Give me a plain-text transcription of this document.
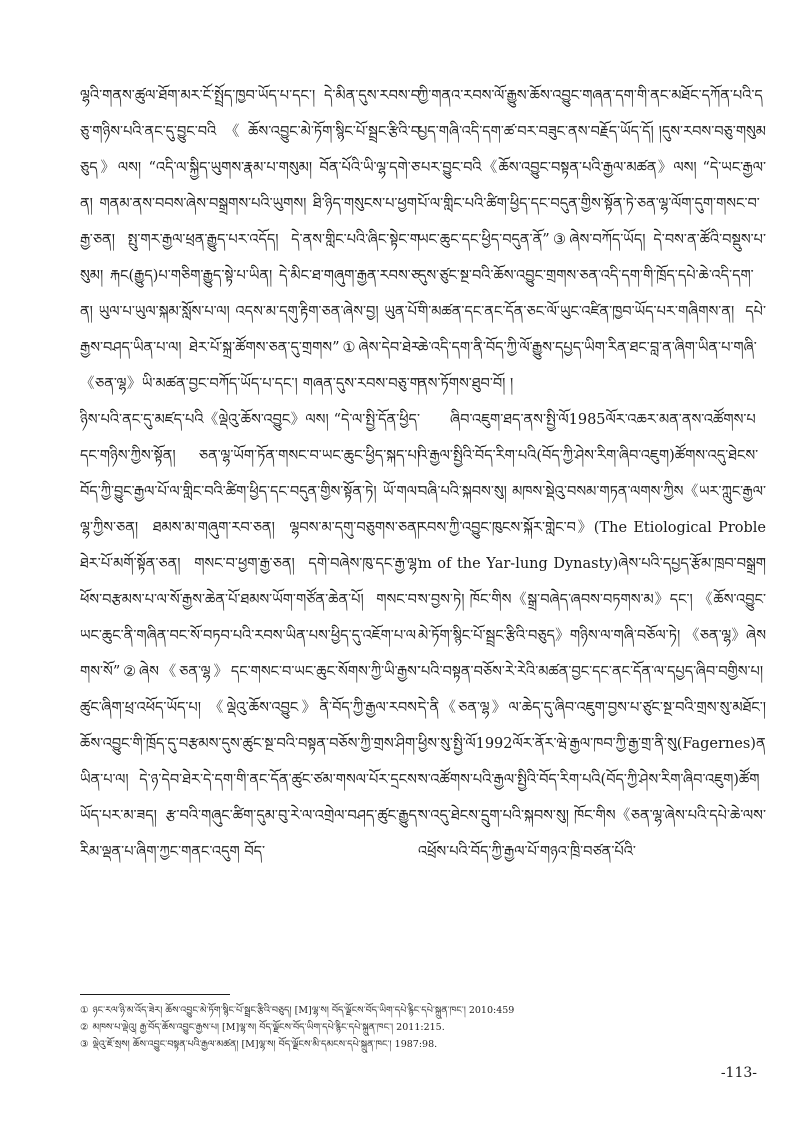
ལྷའི་གནས་ཚུལ་ཐོག་མར་ངོ་སྤྲོད་ཁྱབ་ཡོད་པ་དང་། དེ་མིན་དུས་རབས་བཅུ་གཉིས་པའི་ནང་དུ་བྱུང་བའི《ཆོས་འབྱུང་མེ་ཏོག་སྙིང་པོ་སྦྲང་རྩིའི་བཅུད》ལས། “འདི་ལ་སྐྱིད་ཡུགས་རྣམ་པ་གསུམ། བོན་པོའི་ཡི་ལྷ་དགེ་ཅན། གནམ་ནས་བབས་ཞེས་བསྒྲགས་པའི་ཡུགས། ཐི་ཉིད་གསུངས་པ་ཕྱག་རྒྱ་ཅན། སྤུ་གར་རྒྱལ་ཕྲན་རྒྱུད་པར་འདོད། དེ་ནས་གླིང་པའི་ཞིང་སྟེང་གསུམ། རྐང(རྒྱུད)པ་གཅིག་རྒྱུད་སྟེ་པ་ཡིན། དེ་མིང་ཐ་གཞུག་རྒྱན་རབས་ཅན། ཡུལ་པ་ཡུལ་སྐམ་སློས་པ་ལ། འདས་མ་དགུ་རྟིག་ཅན་ཞེས་བྱ། ཡུན་པོ་རྒྱས་བཤད་ཡིན་པ་ལ། ཐེར་པོ་སྐྲ་ཚོགས་ཅན་དུ་གྲགས”①ཞེས་དེབ་ཐེར《ཅན་ལྷ》ཡི་མཚན་བྱང་བཀོད་ཡོད་པ་དང་། གཞན་དུས་རབས་བཅུ་གཉིས་པའི་ནང་དུ་མཛད་པའི《ལྡེའུ་ཆོས་འབྱུང》ལས། “དེ་ལ་སྤྱི་དོན་ཕྱིད་དང་གཉིས་ཀྱིས་སྟོན། ཅན་ལྷ་ཡོག་ཏོན་གསང་བ་ཡང་ཆུང་ཕྱིད་སྐད་པ། བོད་ཀྱི་བྱུང་རྒྱལ་པོ་ལ་གླིང་བའི་ཚིག་ཕྱིད་དང་བདུན་གྱིས་སྟོན་ཏེ། ཡོ་གལ་ལྷ་ཀྱིས་ཅན། ཐམས་མ་གཞུག་རབ་ཅན། ལྷབས་མ་དགུ་བཅུགས་ཅན། ཐེར་པོ་མགོ་སྟོན་ཅན། གསང་བ་ཕྱག་རྒྱ་ཅན། དགེ་བཞེས་ཁུ་དང་རྒྱ་ལྷ་ཕོས་བརྩམས་པ་ལ་སོ་རྒྱས་ཆེན་པོ་ཐམས་ཡོག་གཙོན་ཆེན་པོ། གསང་བ་ཡང་ཆུང་ནི་གཞིན་བང་སོ་བཏབ་པའི་རབས་ཡིན་པས་ཕྱིད་དུ་འཇོག་པ་ལགས་སོ”②ཞེས《ཅན་ལྷ》དང་གསང་བ་ཡང་ཆུང་སོགས་ཀྱི་ཡི་རྒྱས་ཚུང་ཞིག་ཕྲ་འཕོད་ཡོད་པ། 《ལྡེའུ་ཆོས་འབྱུང》ནི་བོད་ཀྱི་རྒྱལ་རབས་ཆོས་འབྱུང་གི་ཁྲོད་དུ་བརྩམས་དུས་ཚུང་སྔ་བའི་བསྟན་བཅོས་ཀྱི་གྲས་ཤིག་ཡིན་པ་ལ། དེ་ཉ་དེབ་ཐེར་དེ་དག་གི་ནང་དོན་ཚུང་ཙམ་གསལ་པོར་དྲངས་ཡོད་པར་མ་ཟད། རྩ་བའི་གཞུང་ཚིག་དུམ་བུ་རེ་ལ་འགྲེལ་བཤད་ཚུང་རྒྱུད་རིམ་ལྡན་པ་ཞིག་ཀྱང་གནང་འདུག བོད་

ཀྱི་གནའ་རབས་ལོ་རྒྱུས་ཆོས་འབྱུང་གཞན་དག་གི་ནང་མཐོང་དཀོན་པའི་དཔྱད་གཞི་འདི་དག་ཚ་བར་བཟུང་ནས་བརྗོད་ཡོད་དོ། །དུས་རབས་བཅུ་གསུམ་པར་བྱུང་བའི《ཆོས་འབྱུང་བསྟན་པའི་རྒྱལ་མཚན》ལས། “དེ་ཡང་རྒྱལ་པོ་ལ་གླིང་པའི་ཚིག་ཕྱིད་དང་བདུན་གྱིས་སྟོན་ཏེ་ཅན་ལྷ་ལོག་དུག་གསང་བ་ཡང་ཆུང་དང་ཕྱིད་བདུན་ནོ”③ཞེས་བཀོད་ཡོད། དེ་བས་ན་ཚོའི་བསྡུས་པ་དུས་ཙུང་སྔ་བའི་ཆོས་འབྱུང་གྲགས་ཅན་འདི་དག་གི་ཁྲོད་དཔེ་ཆེ་འདི་དག་གི་མཚན་དང་ནང་དོན་ཅང་ལོ་ཡུང་འཛིན་ཁྱབ་ཡོད་པར་གཞིགས་ན། དཔེ་ཆེ་འདི་དག་ནི་བོད་ཀྱི་ལོ་རྒྱུས་དཔྱད་ཡིག་རིན་ཐང་བླ་ན་ཞིག་ཡིན་པ་གཞི་ནས་ཏོགས་ཐུབ་བོ། །

ཞིབ་འཇུག་ཐད་ནས་སྤྱི་ལོ1985ལོར་འཆར་མན་ནས་འཚོགས་པའི་རྒྱལ་སྤྱིའི་བོད་རིག་པའི(བོད་ཀྱི་ཤེས་རིག་ཞིབ་འཇུག)ཚོགས་འདུ་ཐེངས་བཞི་པའི་སྐབས་སུ། མཁས་སྡེའུ་བསམ་གཏན་ལགས་ཀྱིས《ཡར་ཀླུང་རྒྱལ་རབས་ཀྱི་འབྱུང་ཁུངས་སྐོར་གླེང་བ》(The Etiological Problem of the Yar-lung Dynasty)ཞེས་པའི་དཔྱད་རྩོམ་ཁྲབ་བསྒྲགས་བྱས་ཏེ། ཁོང་གིས《སྒྲ་བཞེད་ཞབས་བཏགས་མ》དང་། 《ཆོས་འབྱུང་མེ་ཏོག་སྙིང་པོ་སྦྲང་རྩིའི་བཅུད》གཉིས་ལ་གཞི་བཅོལ་ཏེ། 《ཅན་ལྷ》ཞེས་པའི་བསྟན་བཅོས་རེ་རེའི་མཚན་བྱང་དང་ནང་དོན་ལ་དཔྱད་ཞིབ་བགྱིས་པ། དེ་ནི《ཅན་ལྷ》ལ་ཆེད་དུ་ཞིབ་འཇུག་བྱས་པ་ཙུང་སྔ་བའི་གྲས་སུ་མཐོང་། ཕྱིས་སུ་སྤྱི་ལོ1992ལོར་ནོར་ཝེ་རྒྱལ་ཁབ་ཀྱི་རྒྱ་གྲ་ནི་སུ(Fagernes)ནས་འཚོགས་པའི་རྒྱལ་སྤྱིའི་བོད་རིག་པའི(བོད་ཀྱི་ཤེས་རིག་ཞིབ་འཇུག)ཚོགས་འདུ་ཐེངས་དྲུག་པའི་སྐབས་སུ། ཁོང་གིས《ཅན་ལྷ་ཞེས་པའི་དཔེ་ཆེ་ལས་འཕྲོས་པའི་བོད་ཀྱི་རྒྱལ་པོ་གཉའ་ཁྲི་བཙན་པོའི་

① ཉང་རལ་ཉི་མ་འོད་ཟེར། ཆོས་འབྱུང་མེ་ཏོག་སྙིང་པོ་སྦྲང་རྩིའི་བཅུད། [M]ལྷ་ས། བོད་ལྗོངས་བོད་ཡིག་དཔེ་རྙིང་དཔེ་སྐྲུན་ཁང་། 2010:459
② མཁས་པ་ལྡེའུ། རྒྱ་བོད་ཆོས་འབྱུང་རྒྱས་པ། [M]ལྷ་ས། བོད་ལྗོངས་བོད་ཡིག་དཔེ་རྙིང་དཔེ་སྐྲུན་ཁང་། 2011:215.
③ ལྡེའུ་ཇོ་སྲས། ཆོས་འབྱུང་བསྟན་པའི་རྒྱལ་མཚན། [M]ལྷ་ས། བོད་ལྗོངས་མི་དམངས་དཔེ་སྐྲུན་ཁང་། 1987:98.
-113-
